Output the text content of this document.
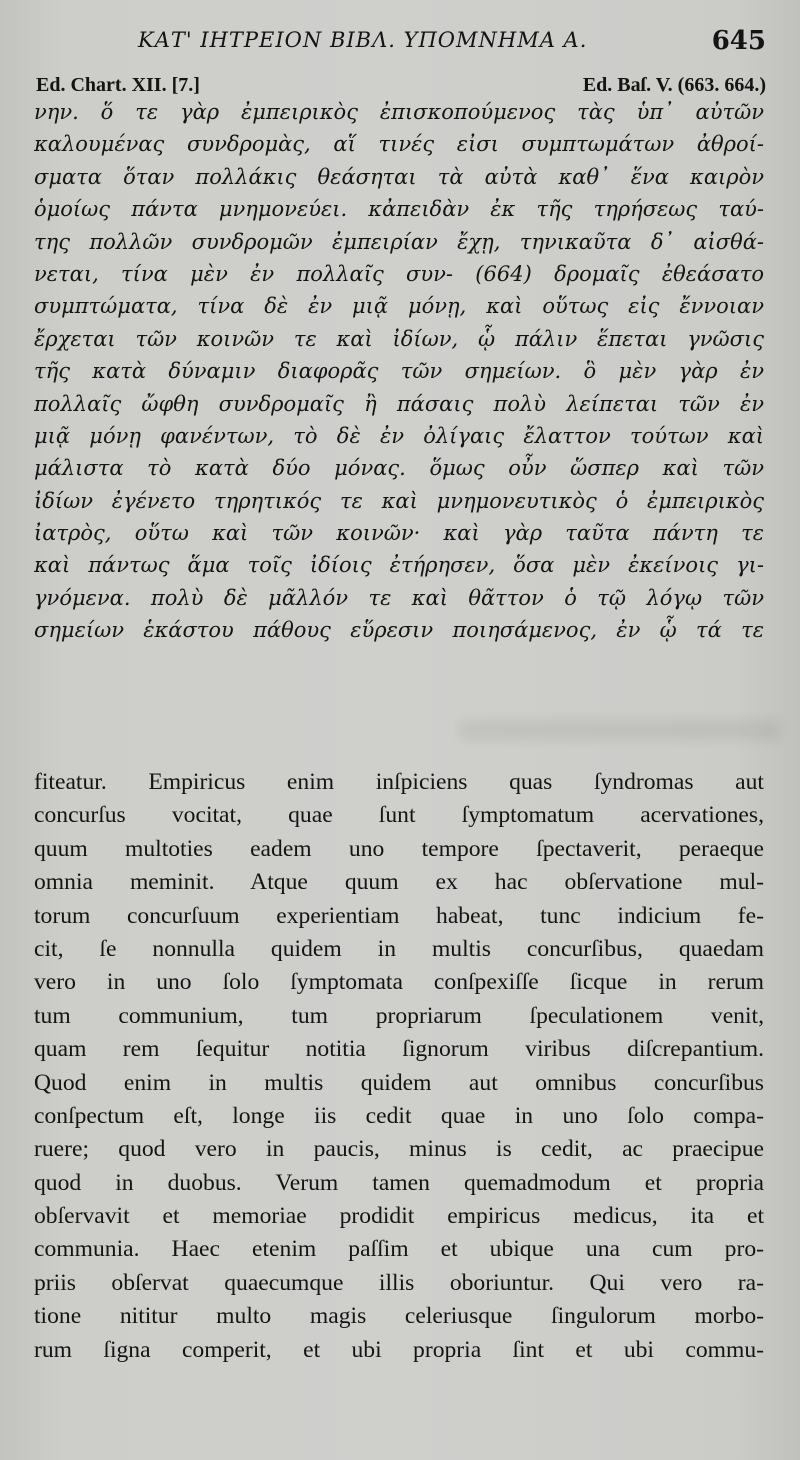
ΚΑΤ' ΙΗΤΡΕΙΟΝ ΒΙΒΛ. ΥΠΟΜΝΗΜΑ Α.	645
Ed. Chart. XII. [7.]	Ed. Baſ. V. (663. 664.)
νην. ὅ τε γὰρ ἐμπειρικὸς ἐπισκοπούμενος τὰς ὑπ᾽ αὐτῶν
καλουμένας συνδρομὰς, αἵ τινές εἰσι συμπτωμάτων ἀθροί-
σματα ὅταν πολλάκις θεάσηται τὰ αὐτὰ καθ᾽ ἕνα καιρὸν
ὁμοίως πάντα μνημονεύει. κἀπειδὰν ἐκ τῆς τηρήσεως ταύ-
της πολλῶν συνδρομῶν ἐμπειρίαν ἔχῃ, τηνικαῦτα δ᾽ αἰσθά-
νεται, τίνα μὲν ἐν πολλαῖς συν- (664) δρομαῖς ἐθεάσατο
συμπτώματα, τίνα δὲ ἐν μιᾷ μόνῃ, καὶ οὕτως εἰς ἔννοιαν
ἔρχεται τῶν κοινῶν τε καὶ ἰδίων, ᾧ πάλιν ἕπεται γνῶσις
τῆς κατὰ δύναμιν διαφορᾶς τῶν σημείων. ὃ μὲν γὰρ ἐν
πολλαῖς ὤφθη συνδρομαῖς ἢ πάσαις πολὺ λείπεται τῶν ἐν
μιᾷ μόνῃ φανέντων, τὸ δὲ ἐν ὀλίγαις ἔλαττον τούτων καὶ
μάλιστα τὸ κατὰ δύο μόνας. ὅμως οὖν ὥσπερ καὶ τῶν
ἰδίων ἐγένετο τηρητικός τε καὶ μνημονευτικὸς ὁ ἐμπειρικὸς
ἰατρὸς, οὕτω καὶ τῶν κοινῶν· καὶ γὰρ ταῦτα πάντη τε
καὶ πάντως ἅμα τοῖς ἰδίοις ἐτήρησεν, ὅσα μὲν ἐκείνοις γι-
γνόμενα. πολὺ δὲ μᾶλλόν τε καὶ θᾶττον ὁ τῷ λόγῳ τῶν
σημείων ἑκάστου πάθους εὕρεσιν ποιησάμενος, ἐν ᾧ τά τε
fiteatur. Empiricus enim inſpiciens quas ſyndromas aut
concurſus vocitat, quae ſunt ſymptomatum acervationes,
quum multoties eadem uno tempore ſpectaverit, peraeque
omnia meminit. Atque quum ex hac obſervatione mul-
torum concurſuum experientiam habeat, tunc indicium fe-
cit, ſe nonnulla quidem in multis concurſibus, quaedam
vero in uno ſolo ſymptomata conſpexiſſe ſicque in rerum
tum communium, tum propriarum ſpeculationem venit,
quam rem ſequitur notitia ſignorum viribus diſcrepantium.
Quod enim in multis quidem aut omnibus concurſibus
conſpectum eſt, longe iis cedit quae in uno ſolo compa-
ruere; quod vero in paucis, minus is cedit, ac praecipue
quod in duobus. Verum tamen quemadmodum et propria
obſervavit et memoriae prodidit empiricus medicus, ita et
communia. Haec etenim paſſim et ubique una cum pro-
priis obſervat quaecumque illis oboriuntur. Qui vero ra-
tione nititur multo magis celeriusque ſingulorum morbo-
rum ſigna comperit, et ubi propria ſint et ubi commu-
